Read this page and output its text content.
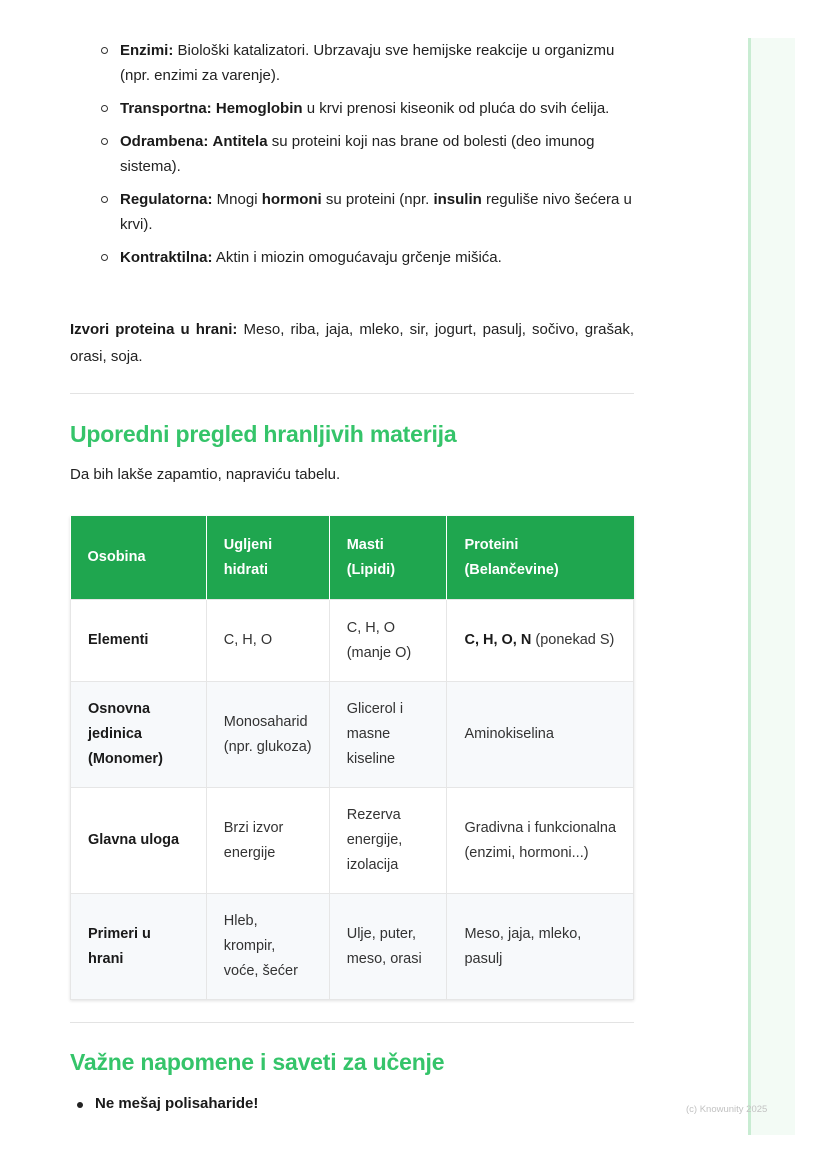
(c) Knowunity 2025
Enzimi: Biološki katalizatori. Ubrzavaju sve hemijske reakcije u organizmu (npr. enzimi za varenje).
Transportna: Hemoglobin u krvi prenosi kiseonik od pluća do svih ćelija.
Odrambena: Antitela su proteini koji nas brane od bolesti (deo imunog sistema).
Regulatorna: Mnogi hormoni su proteini (npr. insulin reguliše nivo šećera u krvi).
Kontraktilna: Aktin i miozin omogućavaju grčenje mišića.

Izvori proteina u hrani: Meso, riba, jaja, mleko, sir, jogurt, pasulj, sočivo, grašak, orasi, soja.

Uporedni pregled hranljivih materija
Da bih lakše zapamtio, napraviću tabelu.
Osobina	Ugljeni hidrati	Masti (Lipidi)	Proteini (Belančevine)
Elementi	C, H, O	C, H, O (manje O)	C, H, O, N (ponekad S)
Osnovna jedinica (Monomer)	Monosaharid (npr. glukoza)	Glicerol i masne kiseline	Aminokiselina
Glavna uloga	Brzi izvor energije	Rezerva energije, izolacija	Gradivna i funkcionalna (enzimi, hormoni...)
Primeri u hrani	Hleb, krompir, voće, šećer	Ulje, puter, meso, orasi	Meso, jaja, mleko, pasulj
Važne napomene i saveti za učenje
Ne mešaj polisaharide!
